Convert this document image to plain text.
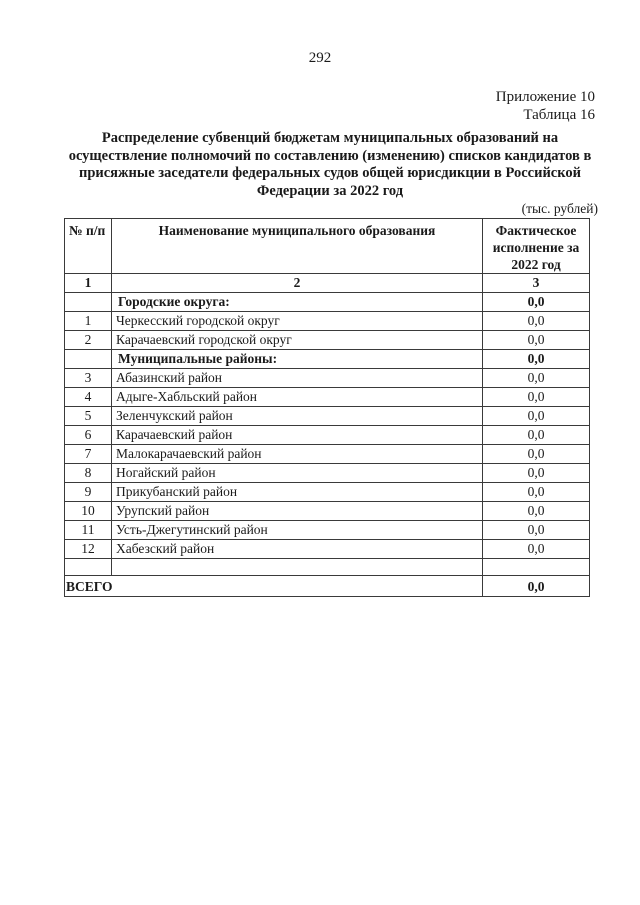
292
Приложение 10
Таблица 16
Распределение субвенций бюджетам муниципальных образований на осуществление полномочий по составлению (изменению) списков кандидатов в присяжные заседатели федеральных судов общей юрисдикции в Российской Федерации за 2022 год
(тыс. рублей)
№ п/п	Наименование муниципального образования	Фактическое исполнение за 2022 год
1	2	3
	Городские округа:	0,0
1	Черкесский городской округ	0,0
2	Карачаевский городской округ	0,0
	Муниципальные районы:	0,0
3	Абазинский район	0,0
4	Адыге-Хабльский район	0,0
5	Зеленчукский район	0,0
6	Карачаевский район	0,0
7	Малокарачаевский район	0,0
8	Ногайский район	0,0
9	Прикубанский район	0,0
10	Урупский район	0,0
11	Усть-Джегутинский район	0,0
12	Хабезский район	0,0

ВСЕГО		0,0
